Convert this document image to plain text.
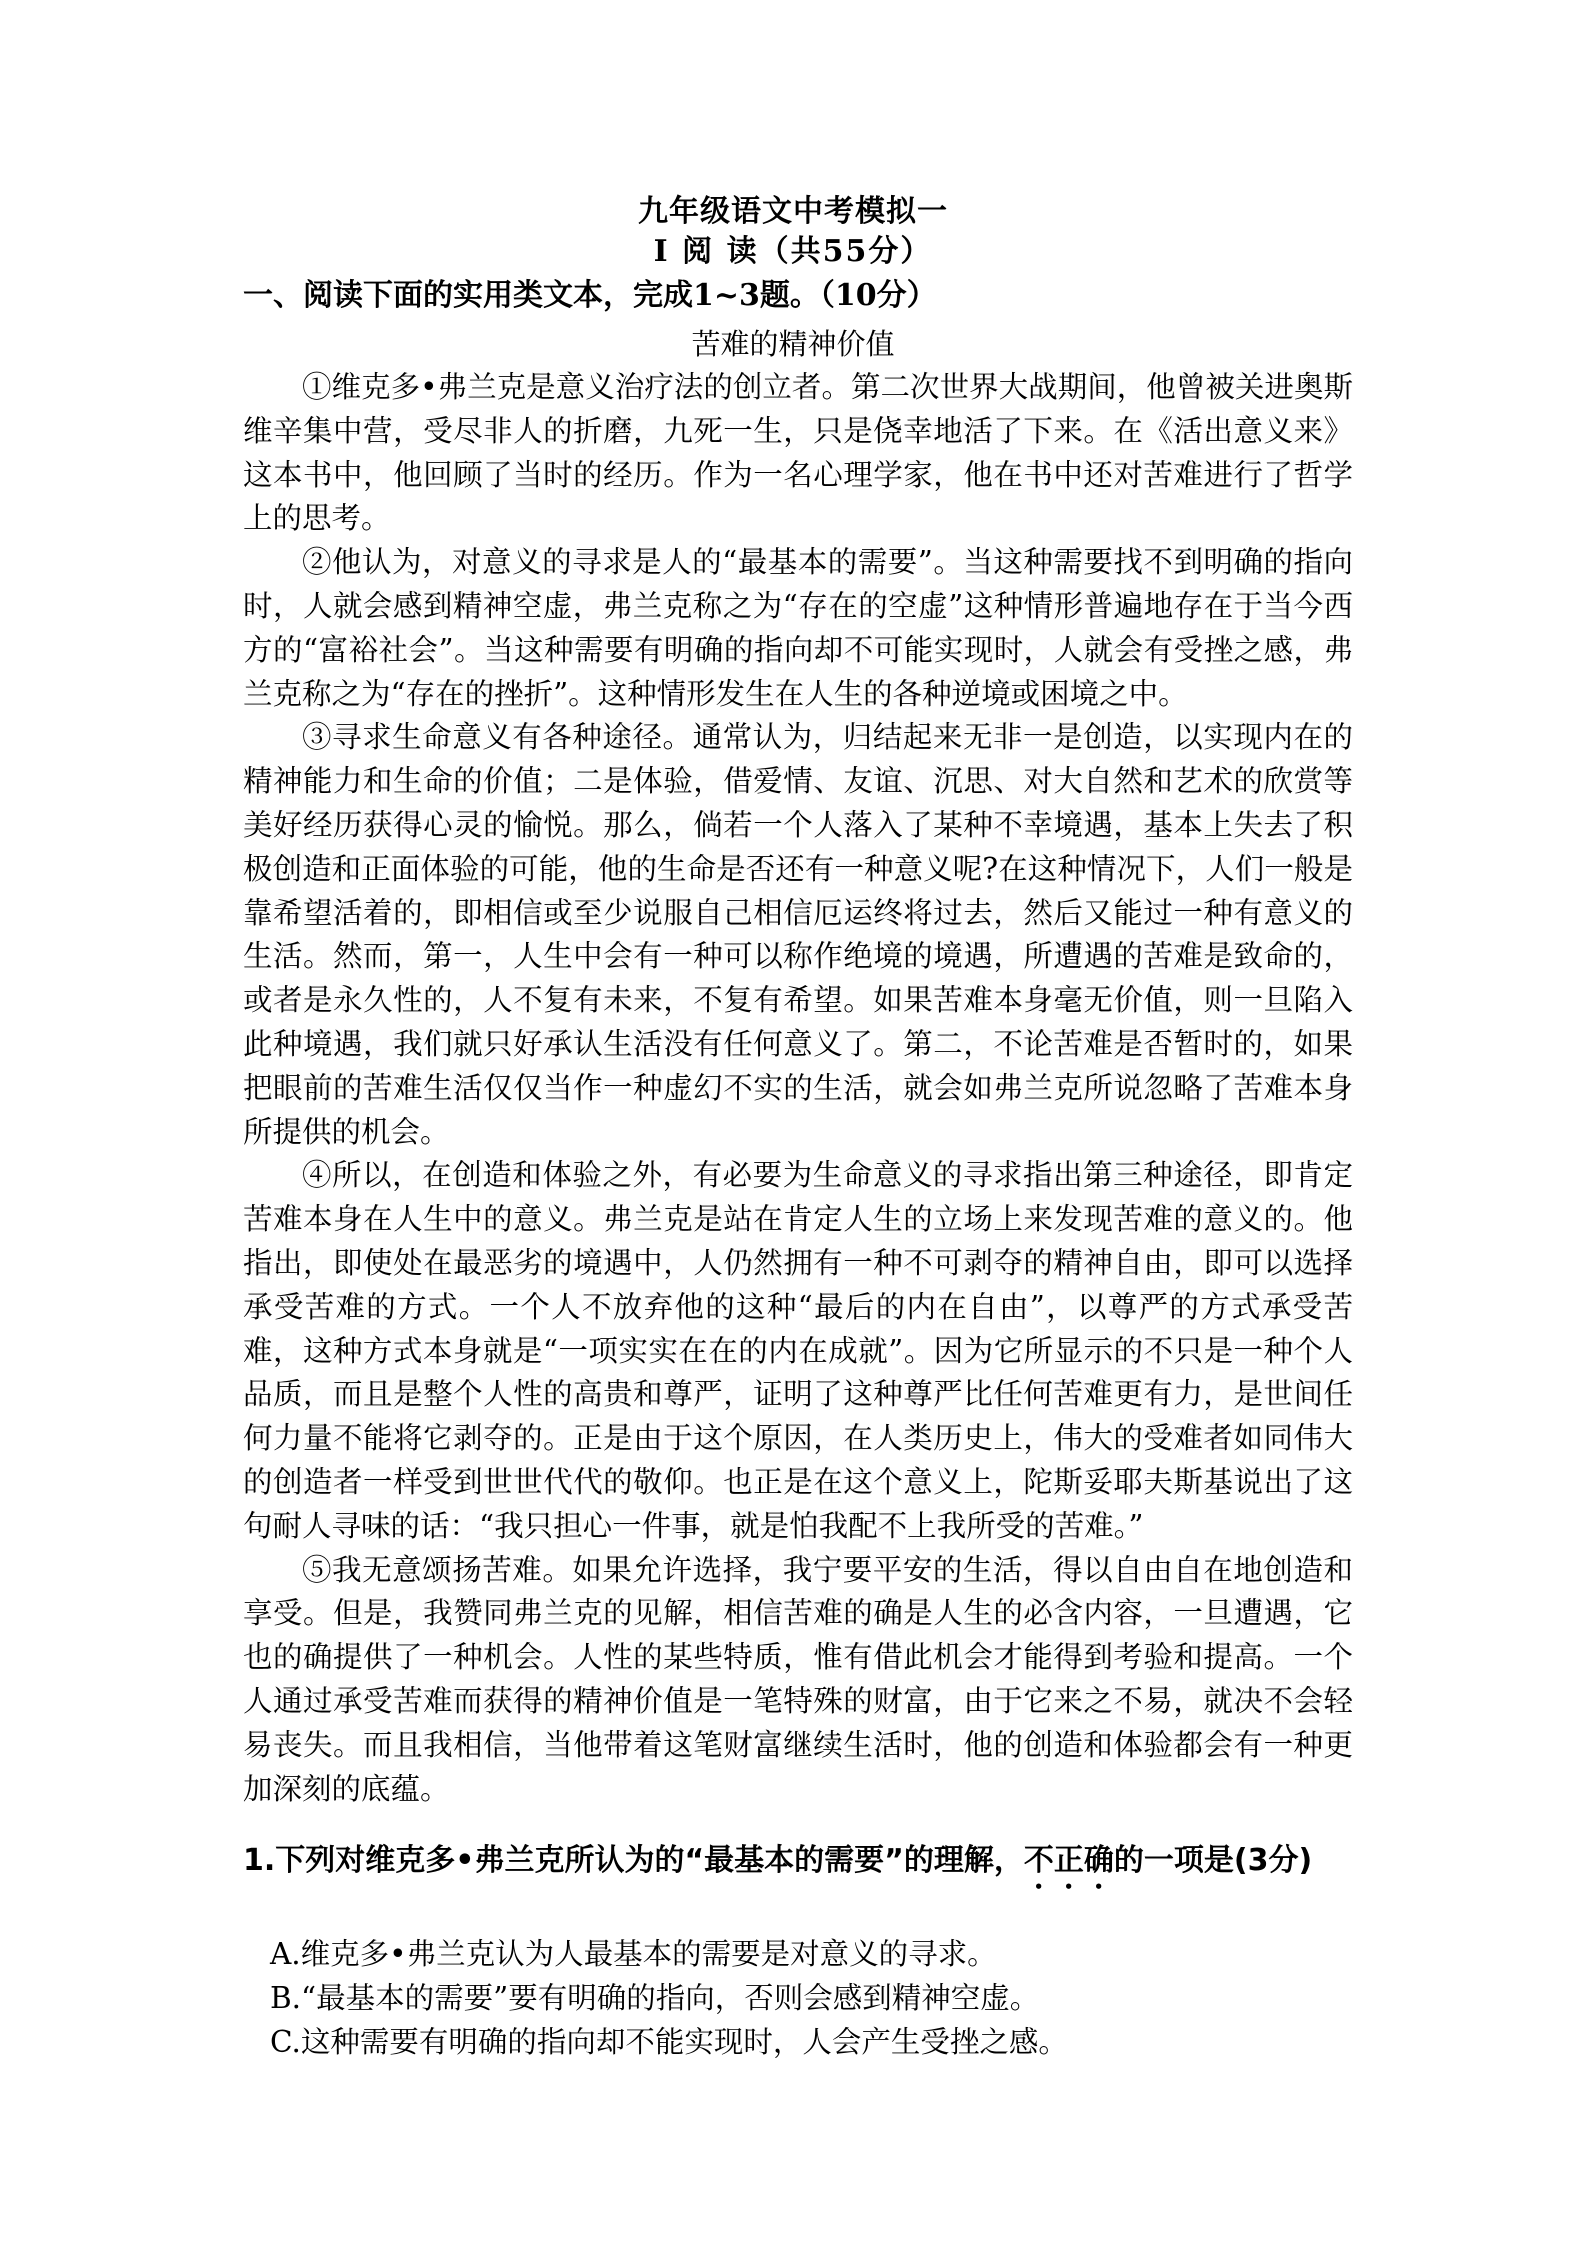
九年级语文中考模拟一
I 阅 读（共55分）
一、阅读下面的实用类文本，完成1~3题。（10分）
苦难的精神价值

①维克多•弗兰克是意义治疗法的创立者。第二次世界大战期间，他曾被关进奥斯维辛集中营，受尽非人的折磨，九死一生，只是侥幸地活了下来。在《活出意义来》这本书中，他回顾了当时的经历。作为一名心理学家，他在书中还对苦难进行了哲学上的思考。

②他认为，对意义的寻求是人的“最基本的需要”。当这种需要找不到明确的指向时，人就会感到精神空虚，弗兰克称之为“存在的空虚”这种情形普遍地存在于当今西方的“富裕社会”。当这种需要有明确的指向却不可能实现时，人就会有受挫之感，弗兰克称之为“存在的挫折”。这种情形发生在人生的各种逆境或困境之中。

③寻求生命意义有各种途径。通常认为，归结起来无非一是创造，以实现内在的精神能力和生命的价值；二是体验，借爱情、友谊、沉思、对大自然和艺术的欣赏等美好经历获得心灵的愉悦。那么，倘若一个人落入了某种不幸境遇，基本上失去了积极创造和正面体验的可能，他的生命是否还有一种意义呢?在这种情况下，人们一般是靠希望活着的，即相信或至少说服自己相信厄运终将过去，然后又能过一种有意义的生活。然而，第一，人生中会有一种可以称作绝境的境遇，所遭遇的苦难是致命的，或者是永久性的，人不复有未来，不复有希望。如果苦难本身毫无价值，则一旦陷入此种境遇，我们就只好承认生活没有任何意义了。第二，不论苦难是否暂时的，如果把眼前的苦难生活仅仅当作一种虚幻不实的生活，就会如弗兰克所说忽略了苦难本身所提供的机会。

④所以，在创造和体验之外，有必要为生命意义的寻求指出第三种途径，即肯定苦难本身在人生中的意义。弗兰克是站在肯定人生的立场上来发现苦难的意义的。他指出，即使处在最恶劣的境遇中，人仍然拥有一种不可剥夺的精神自由，即可以选择承受苦难的方式。一个人不放弃他的这种“最后的内在自由”，以尊严的方式承受苦难，这种方式本身就是“一项实实在在的内在成就”。因为它所显示的不只是一种个人品质，而且是整个人性的高贵和尊严，证明了这种尊严比任何苦难更有力，是世间任何力量不能将它剥夺的。正是由于这个原因，在人类历史上，伟大的受难者如同伟大的创造者一样受到世世代代的敬仰。也正是在这个意义上，陀斯妥耶夫斯基说出了这句耐人寻味的话：“我只担心一件事，就是怕我配不上我所受的苦难。”

⑤我无意颂扬苦难。如果允许选择，我宁要平安的生活，得以自由自在地创造和享受。但是，我赞同弗兰克的见解，相信苦难的确是人生的必含内容，一旦遭遇，它也的确提供了一种机会。人性的某些特质，惟有借此机会才能得到考验和提高。一个人通过承受苦难而获得的精神价值是一笔特殊的财富，由于它来之不易，就决不会轻易丧失。而且我相信，当他带着这笔财富继续生活时，他的创造和体验都会有一种更加深刻的底蕴。

1.下列对维克多•弗兰克所认为的“最基本的需要”的理解，不正确的一项是(3分)

A.维克多•弗兰克认为人最基本的需要是对意义的寻求。

B.“最基本的需要”要有明确的指向，否则会感到精神空虚。

C.这种需要有明确的指向却不能实现时，人会产生受挫之感。
